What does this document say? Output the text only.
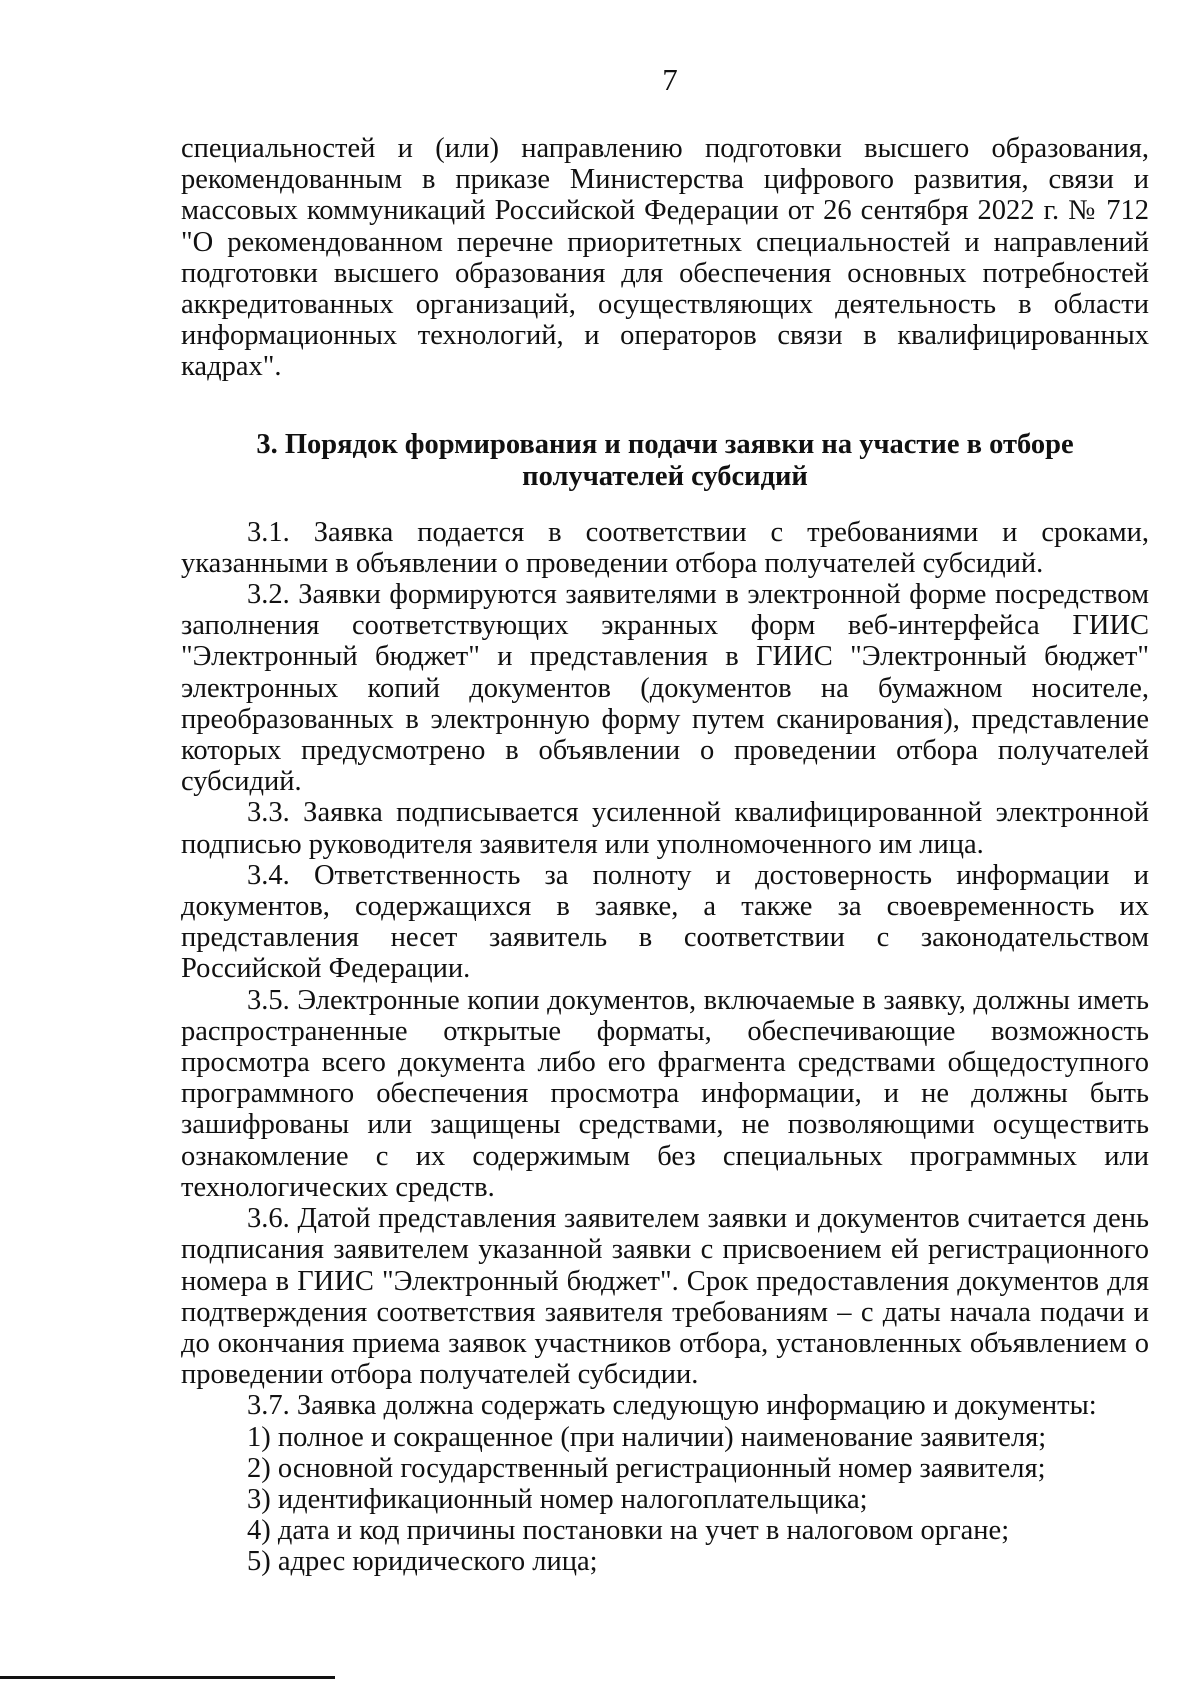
7

специальностей и (или) направлению подготовки высшего образования, рекомендованным в приказе Министерства цифрового развития, связи и массовых коммуникаций Российской Федерации от 26 сентября 2022 г. № 712 "О рекомендованном перечне приоритетных специальностей и направлений подготовки высшего образования для обеспечения основных потребностей аккредитованных организаций, осуществляющих деятельность в области информационных технологий, и операторов связи в квалифицированных кадрах".

3. Порядок формирования и подачи заявки на участие в отборе
получателей субсидий

3.1. Заявка подается в соответствии с требованиями и сроками, указанными в объявлении о проведении отбора получателей субсидий.

3.2. Заявки формируются заявителями в электронной форме посредством заполнения соответствующих экранных форм веб-интерфейса ГИИС "Электронный бюджет" и представления в ГИИС "Электронный бюджет" электронных копий документов (документов на бумажном носителе, преобразованных в электронную форму путем сканирования), представление которых предусмотрено в объявлении о проведении отбора получателей субсидий.

3.3. Заявка подписывается усиленной квалифицированной электронной подписью руководителя заявителя или уполномоченного им лица.

3.4. Ответственность за полноту и достоверность информации и документов, содержащихся в заявке, а также за своевременность их представления несет заявитель в соответствии с законодательством Российской Федерации.

3.5. Электронные копии документов, включаемые в заявку, должны иметь распространенные открытые форматы, обеспечивающие возможность просмотра всего документа либо его фрагмента средствами общедоступного программного обеспечения просмотра информации, и не должны быть зашифрованы или защищены средствами, не позволяющими осуществить ознакомление с их содержимым без специальных программных или технологических средств.

3.6. Датой представления заявителем заявки и документов считается день подписания заявителем указанной заявки с присвоением ей регистрационного номера в ГИИС "Электронный бюджет". Срок предоставления документов для подтверждения соответствия заявителя требованиям – с даты начала подачи и до окончания приема заявок участников отбора, установленных объявлением о проведении отбора получателей субсидии.

3.7. Заявка должна содержать следующую информацию и документы:

1) полное и сокращенное (при наличии) наименование заявителя;

2) основной государственный регистрационный номер заявителя;

3) идентификационный номер налогоплательщика;

4) дата и код причины постановки на учет в налоговом органе;

5) адрес юридического лица;
